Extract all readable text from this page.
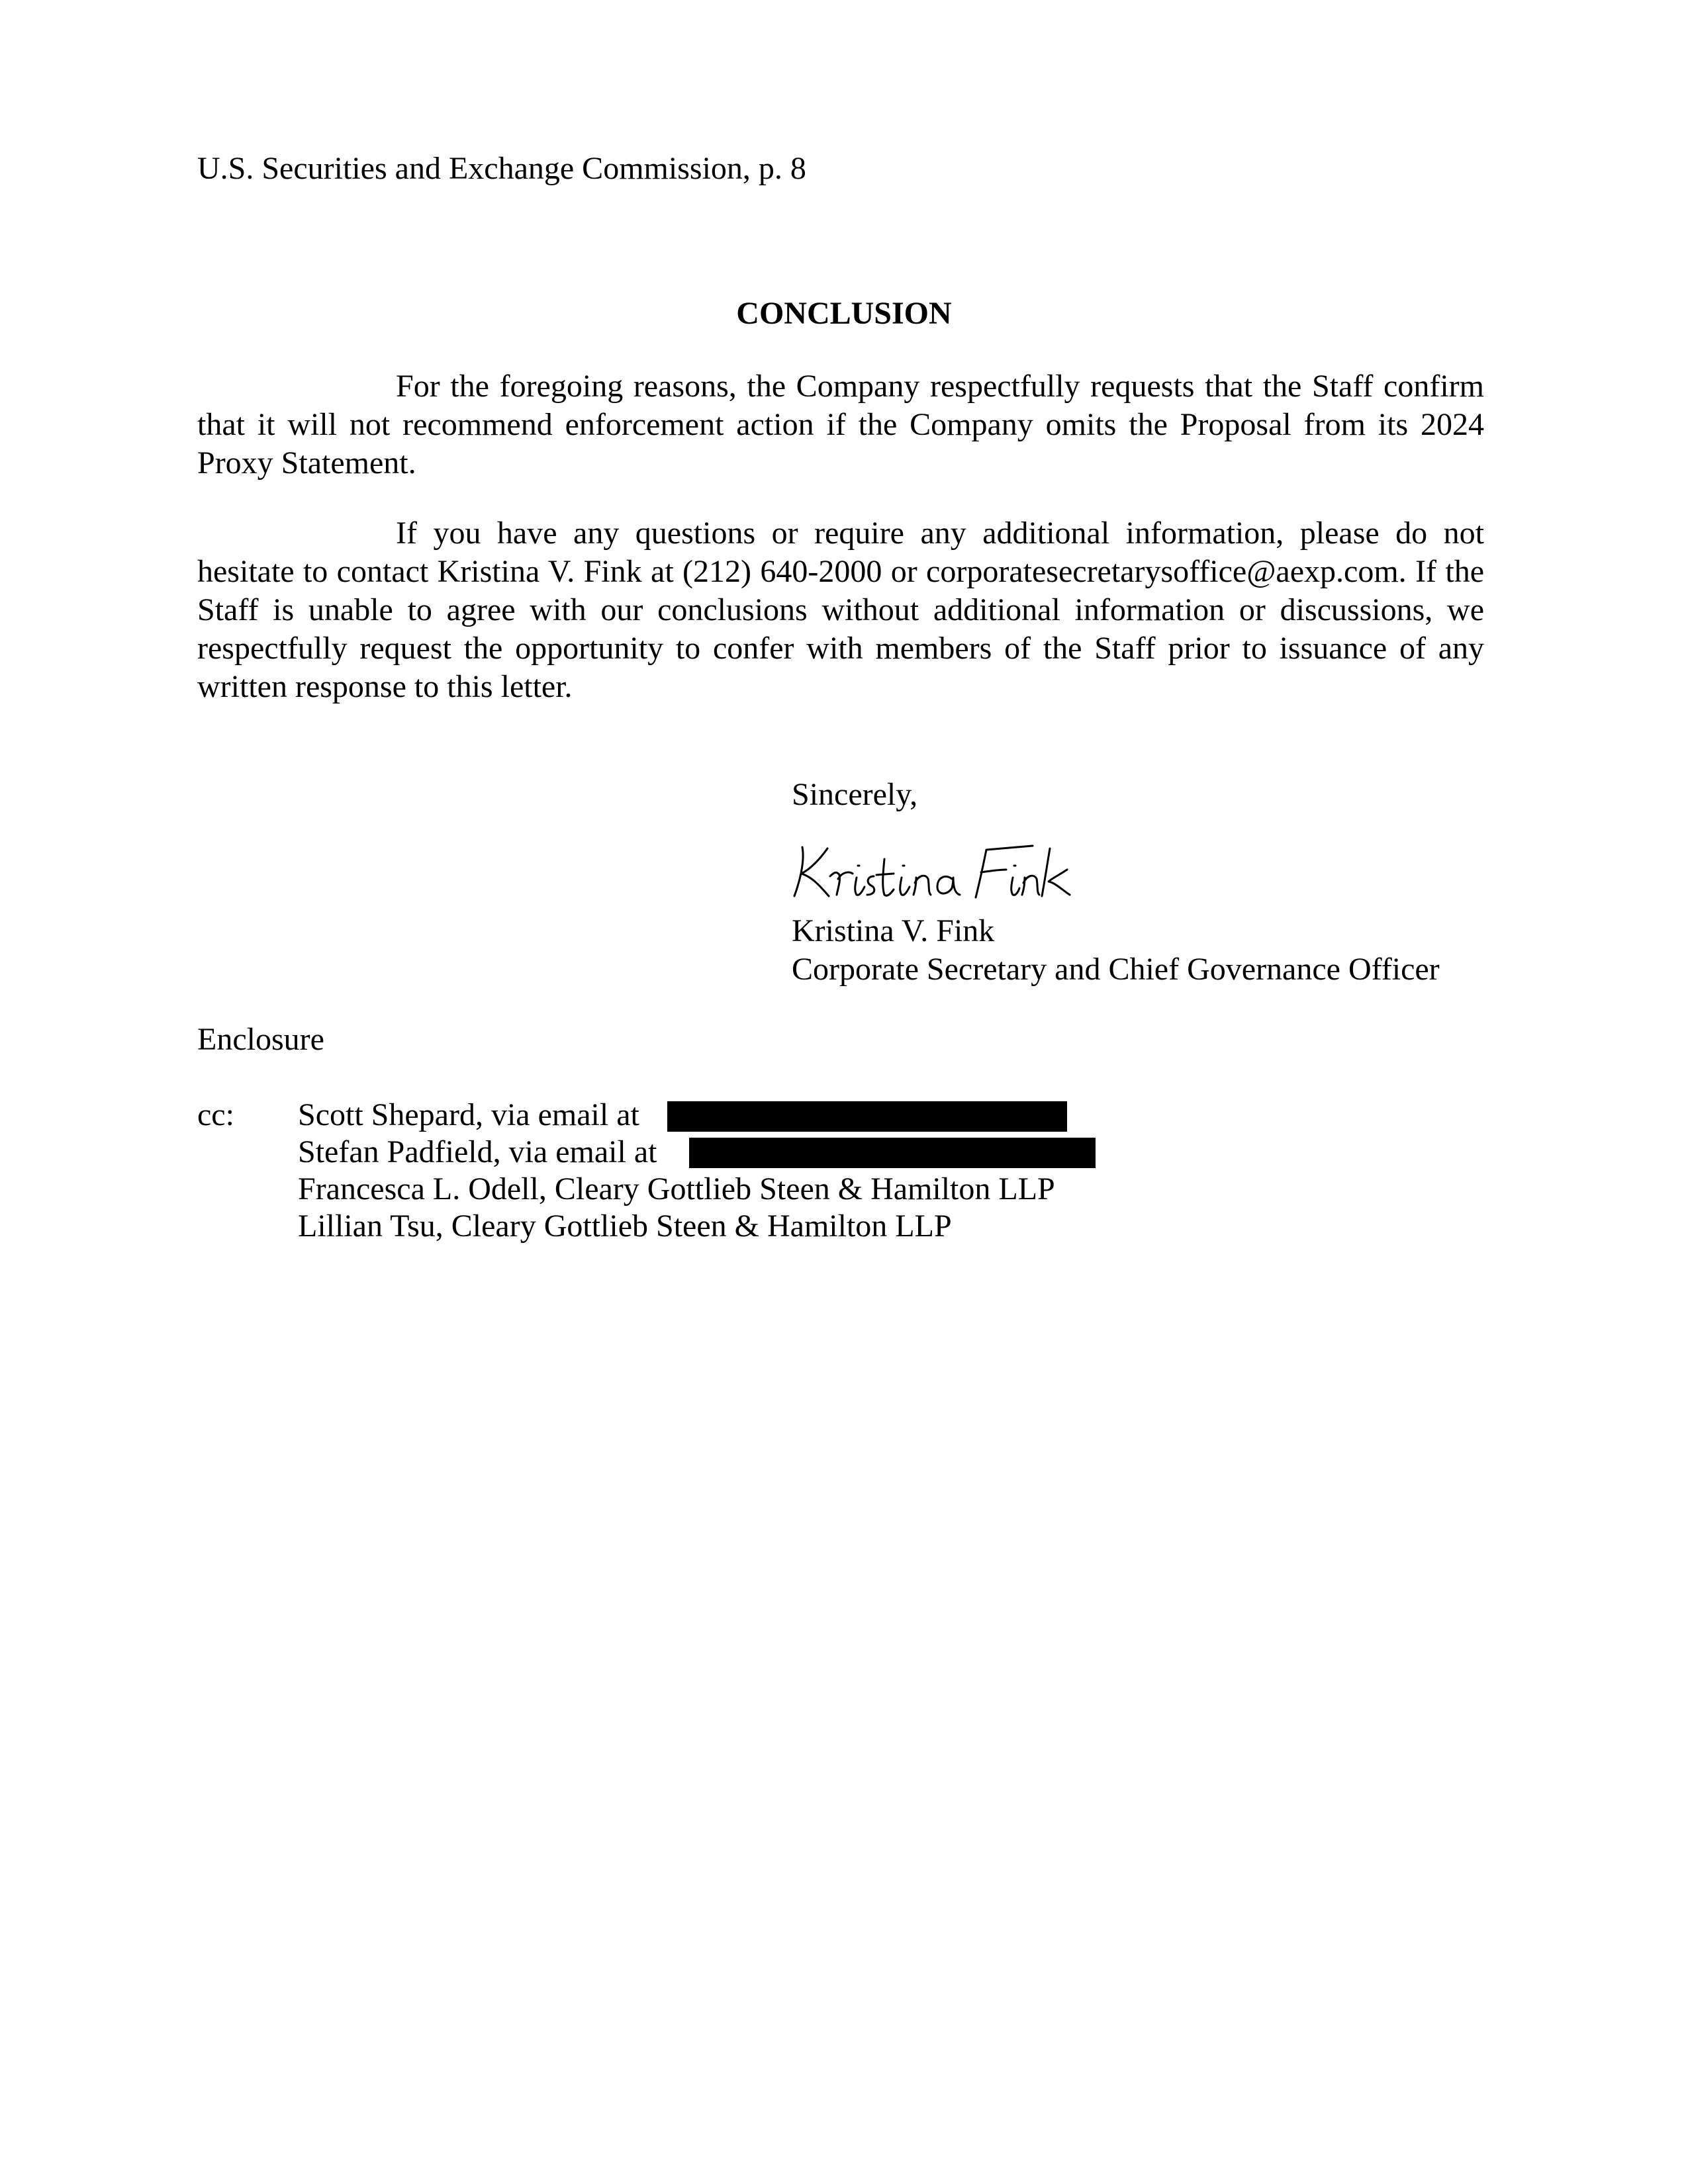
U.S. Securities and Exchange Commission, p. 8
CONCLUSION
For the foregoing reasons, the Company respectfully requests that the Staff confirm that it will not recommend enforcement action if the Company omits the Proposal from its 2024 Proxy Statement.
If you have any questions or require any additional information, please do not hesitate to contact Kristina V. Fink at (212) 640-2000 or corporatesecretarysoffice@aexp.com. If the Staff is unable to agree with our conclusions without additional information or discussions, we respectfully request the opportunity to confer with members of the Staff prior to issuance of any written response to this letter.
Sincerely,
Kristina V. Fink
Corporate Secretary and Chief Governance Officer
Enclosure
cc: Scott Shepard, via email at
Stefan Padfield, via email at
Francesca L. Odell, Cleary Gottlieb Steen & Hamilton LLP
Lillian Tsu, Cleary Gottlieb Steen & Hamilton LLP
